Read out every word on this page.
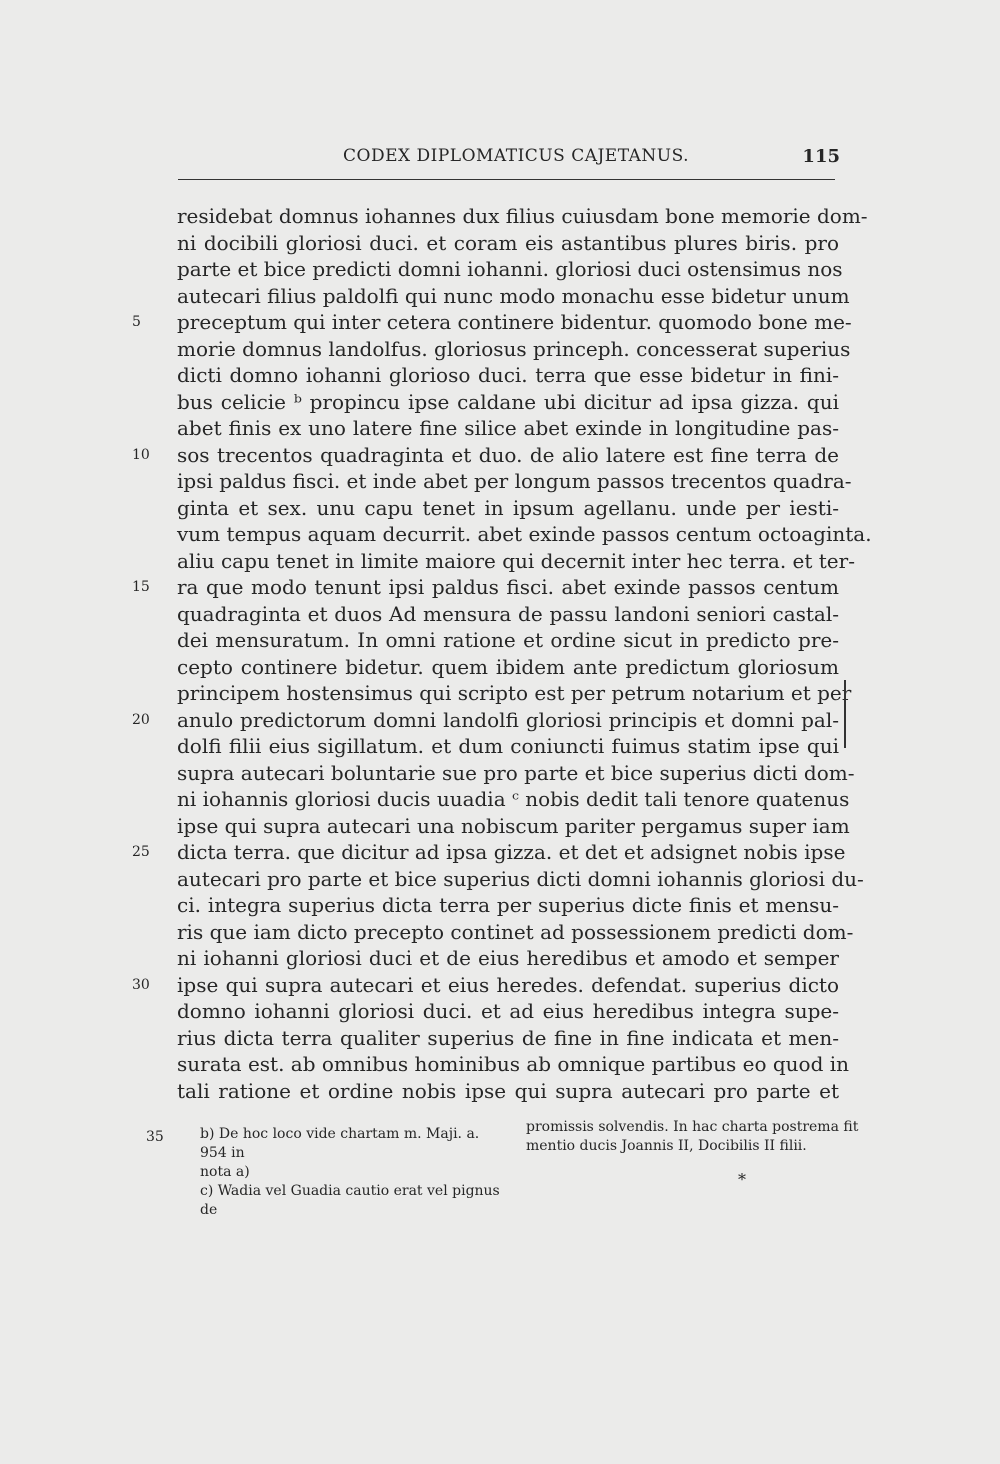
CODEX DIPLOMATICUS CAJETANUS.	115
5
10
15
20
25
30
residebat domnus iohannes dux filius cuiusdam bone memorie dom-
ni docibili gloriosi duci. et coram eis astantibus plures biris. pro
parte et bice predicti domni iohanni. gloriosi duci ostensimus nos
autecari filius paldolfi qui nunc modo monachu esse bidetur unum
preceptum qui inter cetera continere bidentur. quomodo bone me-
morie domnus landolfus. gloriosus princeph. concesserat superius
dicti domno iohanni glorioso duci. terra que esse bidetur in fini-
bus celicie ᵇ propincu ipse caldane ubi dicitur ad ipsa gizza. qui
abet finis ex uno latere fine silice abet exinde in longitudine pas-
sos trecentos quadraginta et duo. de alio latere est fine terra de
ipsi paldus fisci. et inde abet per longum passos trecentos quadra-
ginta et sex. unu capu tenet in ipsum agellanu. unde per iesti-
vum tempus aquam decurrit. abet exinde passos centum octoaginta.
aliu capu tenet in limite maiore qui decernit inter hec terra. et ter-
ra que modo tenunt ipsi paldus fisci. abet exinde passos centum
quadraginta et duos Ad mensura de passu landoni seniori castal-
dei mensuratum. In omni ratione et ordine sicut in predicto pre-
cepto continere bidetur. quem ibidem ante predictum gloriosum
principem hostensimus qui scripto est per petrum notarium et per
anulo predictorum domni landolfi gloriosi principis et domni pal-
dolfi filii eius sigillatum. et dum coniuncti fuimus statim ipse qui
supra autecari boluntarie sue pro parte et bice superius dicti dom-
ni iohannis gloriosi ducis uuadia ᶜ nobis dedit tali tenore quatenus
ipse qui supra autecari una nobiscum pariter pergamus super iam
dicta terra. que dicitur ad ipsa gizza. et det et adsignet nobis ipse
autecari pro parte et bice superius dicti domni iohannis gloriosi du-
ci. integra superius dicta terra per superius dicte finis et mensu-
ris que iam dicto precepto continet ad possessionem predicti dom-
ni iohanni gloriosi duci et de eius heredibus et amodo et semper
ipse qui supra autecari et eius heredes. defendat. superius dicto
domno iohanni gloriosi duci. et ad eius heredibus integra supe-
rius dicta terra qualiter superius de fine in fine indicata et men-
surata est. ab omnibus hominibus ab omnique partibus eo quod in
tali ratione et ordine nobis ipse qui supra autecari pro parte et
35	b) De hoc loco vide chartam m. Maji. a. 954 in

nota a)

c) Wadia vel Guadia cautio erat vel pignus de

promissis solvendis. In hac charta postrema fit

mentio ducis Joannis II, Docibilis II filii.

*
